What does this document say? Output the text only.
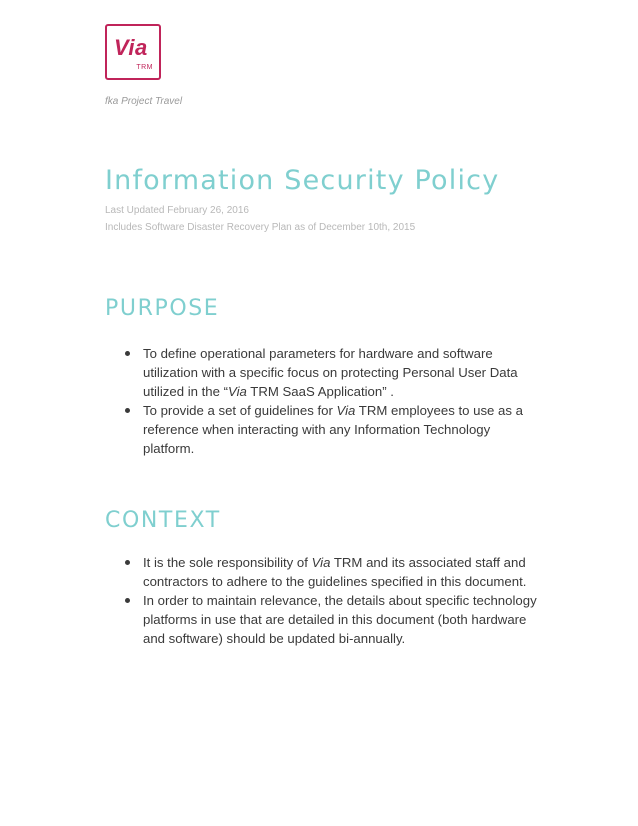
Via
TRM
fka Project Travel
Information Security Policy
Last Updated February 26, 2016
Includes Software Disaster Recovery Plan as of December 10th, 2015
PURPOSE
To define operational parameters for hardware and software utilization with a specific focus on protecting Personal User Data utilized in the “Via TRM SaaS Application” .
To provide a set of guidelines for Via TRM employees to use as a reference when interacting with any Information Technology platform.
CONTEXT
It is the sole responsibility of Via TRM and its associated staff and contractors to adhere to the guidelines specified in this document.
In order to maintain relevance, the details about specific technology platforms in use that are detailed in this document (both hardware and software) should be updated bi-annually.
